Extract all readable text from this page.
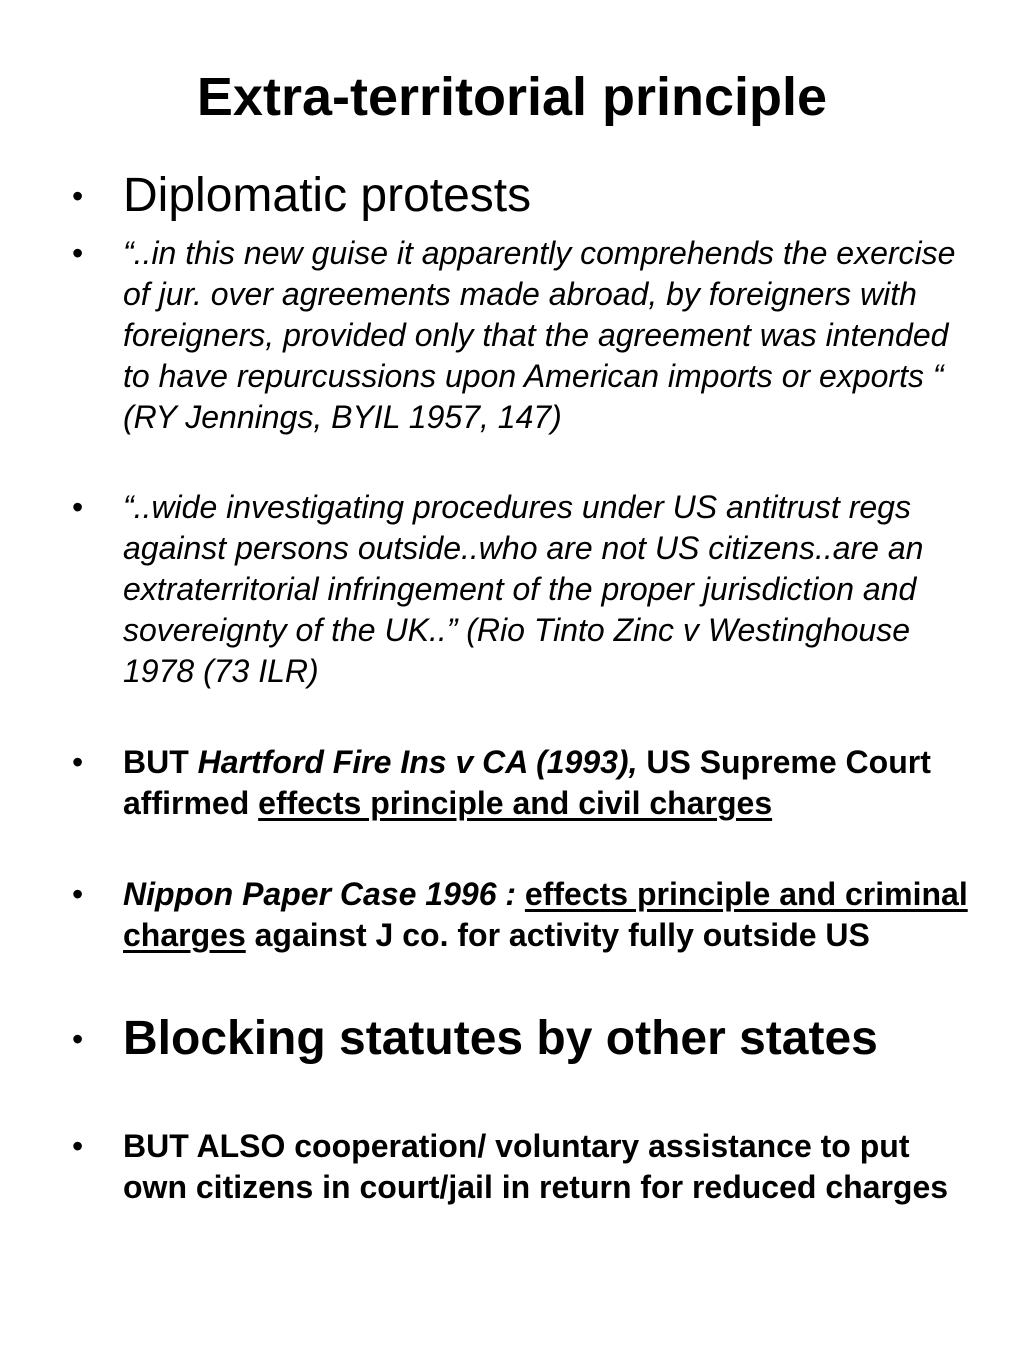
Extra-territorial principle
• Diplomatic protests
• “..in this new guise it apparently comprehends the exercise of jur. over agreements made abroad, by foreigners with foreigners, provided only that the agreement was intended to have repurcussions upon American imports or exports “ (RY Jennings, BYIL 1957, 147)
• “..wide investigating procedures under US antitrust regs against persons outside..who are not US citizens..are an extraterritorial infringement of the proper jurisdiction and sovereignty of the UK..” (Rio Tinto Zinc v Westinghouse 1978 (73 ILR)
• BUT Hartford Fire Ins v CA (1993), US Supreme Court affirmed effects principle and civil charges
• Nippon Paper Case 1996 : effects principle and criminal charges against J co. for activity fully outside US
• Blocking statutes by other states
• BUT ALSO cooperation/ voluntary assistance to put own citizens in court/jail in return for reduced charges
